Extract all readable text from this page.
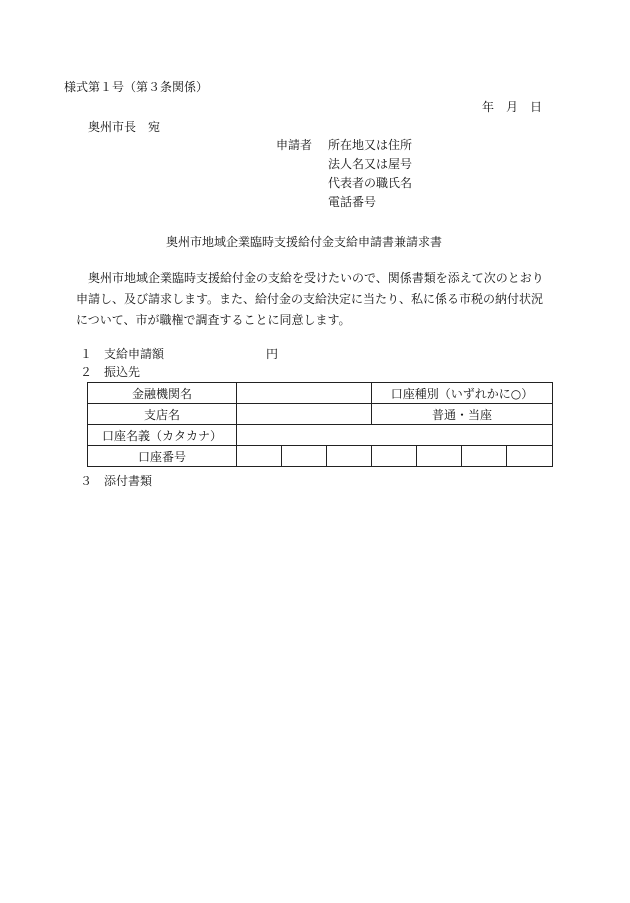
様式第１号（第３条関係）
年　月　日
奥州市長　宛
申請者 所在地又は住所
法人名又は屋号
代表者の職氏名
電話番号
奥州市地域企業臨時支援給付金支給申請書兼請求書
奥州市地域企業臨時支援給付金の支給を受けたいので、関係書類を添えて次のとおり申請し、及び請求します。また、給付金の支給決定に当たり、私に係る市税の納付状況について、市が職権で調査することに同意します。
１　支給申請額	円
２　振込先
金融機関名				口座種別（いずれかに○）			
支店名				普通・当座			
口座名義（カタカナ）							
口座番号							
３　添付書類
